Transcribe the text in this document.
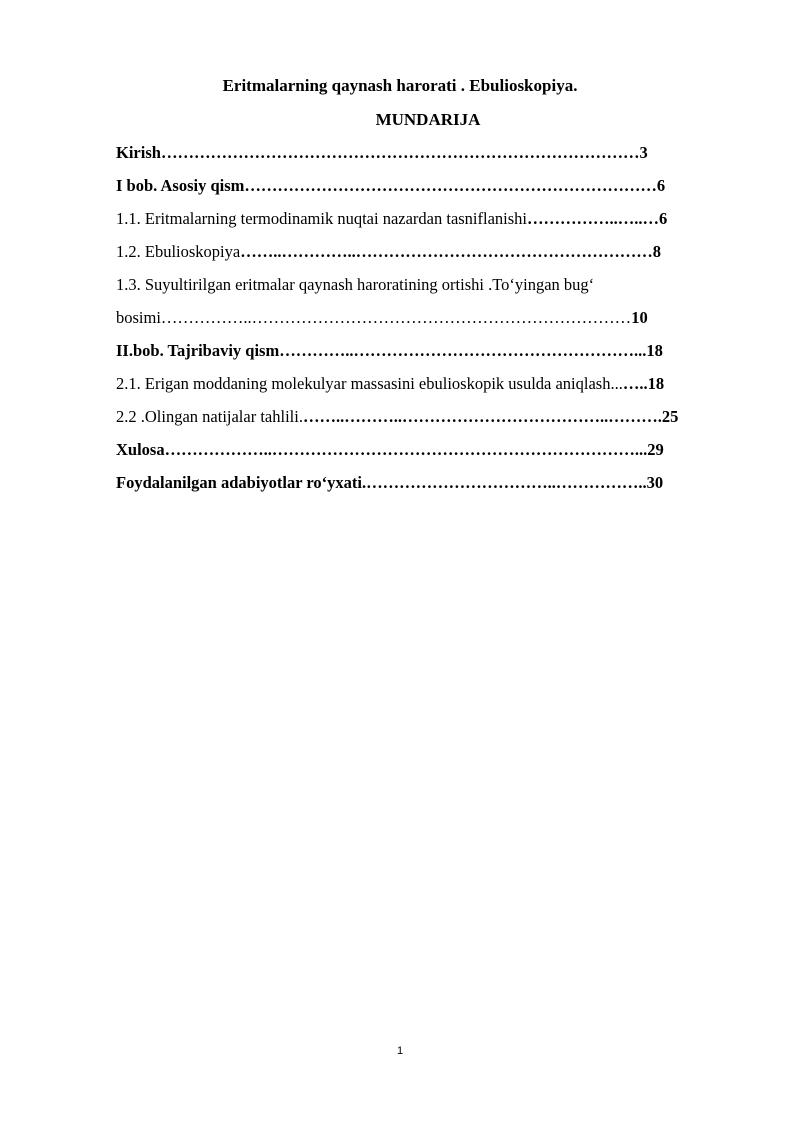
Eritmalarning qaynash harorati . Ebulioskopiya.
MUNDARIJA
Kirish……………………………………………………………………………3
I bob. Asosiy qism…………………………………………………………………6
1.1. Eritmalarning termodinamik nuqtai nazardan tasniflanishi……………..…..…6
1.2. Ebulioskopiya……..…………..………………………………………………8
1.3. Suyultirilgan eritmalar qaynash haroratining ortishi .To‘yingan bug‘
bosimi……………..……………………………………………………………10
II.bob. Tajribaviy qism…………..……………………………………………...18
2.1. Erigan moddaning molekulyar massasini ebulioskopik usulda aniqlash...…..18
2.2 .Olingan natijalar tahlili.……..………..………………………………..……….25
Xulosa………………..…………………………………………………………...29
Foydalanilgan adabiyotlar ro‘yxati.……………………………..……………..30
1
